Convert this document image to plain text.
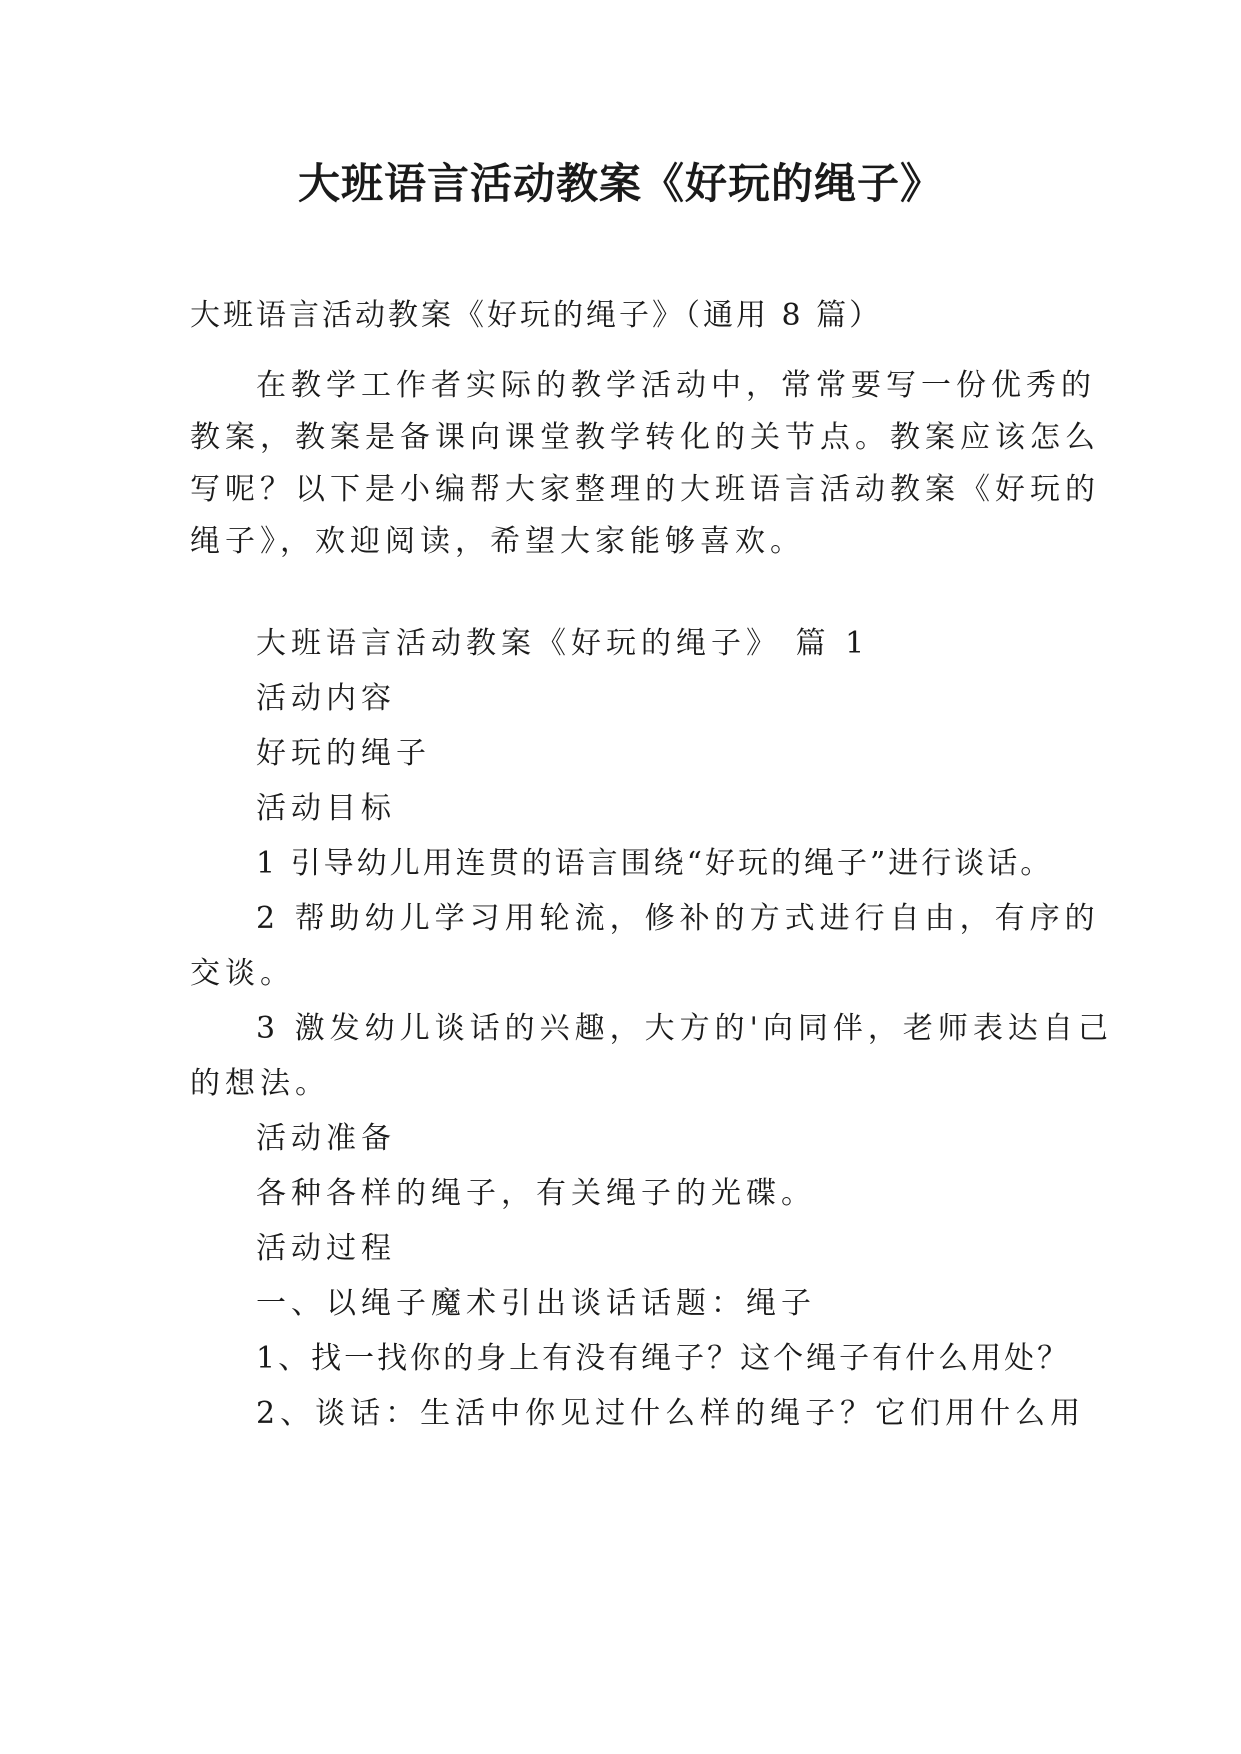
大班语言活动教案《好玩的绳子》
大班语言活动教案《好玩的绳子》（通用 8 篇）
在教学工作者实际的教学活动中，常常要写一份优秀的
教案，教案是备课向课堂教学转化的关节点。教案应该怎么
写呢？以下是小编帮大家整理的大班语言活动教案《好玩的
绳子》，欢迎阅读，希望大家能够喜欢。
大班语言活动教案《好玩的绳子》 篇 1
活动内容
好玩的绳子
活动目标
1 引导幼儿用连贯的语言围绕“好玩的绳子”进行谈话。
2 帮助幼儿学习用轮流，修补的方式进行自由，有序的
交谈。
3 激发幼儿谈话的兴趣，大方的'向同伴，老师表达自己
的想法。
活动准备
各种各样的绳子，有关绳子的光碟。
活动过程
一、以绳子魔术引出谈话话题：绳子
1、找一找你的身上有没有绳子？这个绳子有什么用处？
2、谈话：生活中你见过什么样的绳子？它们用什么用
